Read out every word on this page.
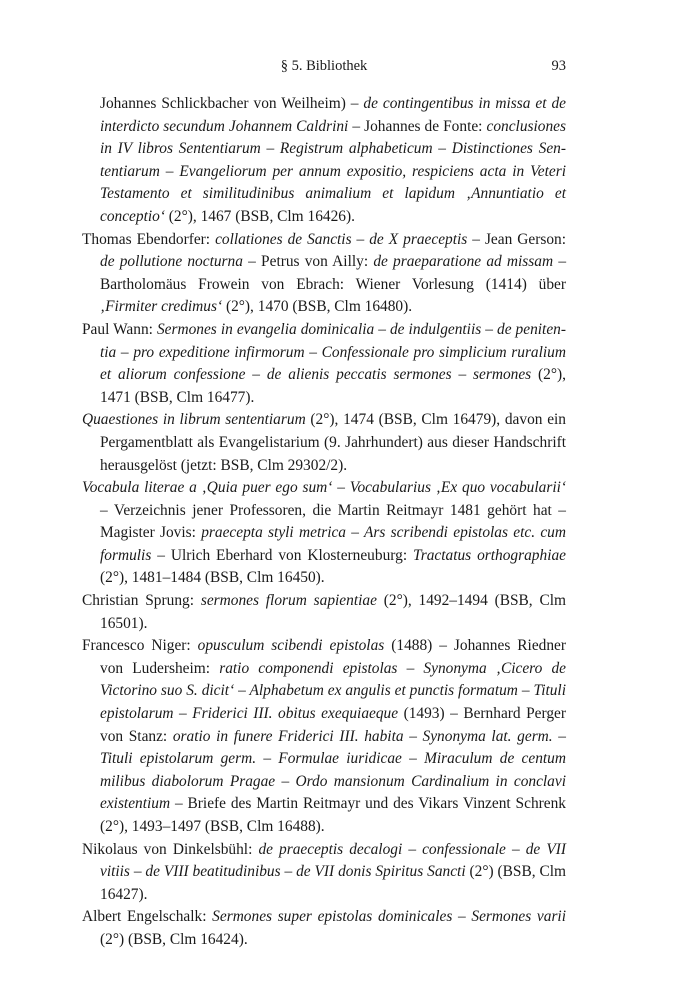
§ 5. Bibliothek	93

Johannes Schlickbacher von Weilheim) – de contingentibus in missa et de interdicto secundum Johannem Caldrini – Johannes de Fonte: conclusiones in IV libros Sententiarum – Registrum alphabeticum – Distinctiones Sententiarum – Evangeliorum per annum expositio, respiciens acta in Veteri Testamento et similitudinibus animalium et lapidum ‚Annuntiatio et conceptio‘ (2°), 1467 (BSB, Clm 16426).

Thomas Ebendorfer: collationes de Sanctis – de X praeceptis – Jean Gerson: de pollutione nocturna – Petrus von Ailly: de praeparatione ad missam – Bartholomäus Frowein von Ebrach: Wiener Vorlesung (1414) über ‚Firmiter credimus‘ (2°), 1470 (BSB, Clm 16480).

Paul Wann: Sermones in evangelia dominicalia – de indulgentiis – de penitentia – pro expeditione infirmorum – Confessionale pro simplicium ruralium et aliorum confessione – de alienis peccatis sermones – sermones (2°), 1471 (BSB, Clm 16477).

Quaestiones in librum sententiarum (2°), 1474 (BSB, Clm 16479), davon ein Pergamentblatt als Evangelistarium (9. Jahrhundert) aus dieser Handschrift herausgelöst (jetzt: BSB, Clm 29302/2).

Vocabula literae a ‚Quia puer ego sum‘ – Vocabularius ‚Ex quo vocabularii‘ – Verzeichnis jener Professoren, die Martin Reitmayr 1481 gehört hat – Magister Jovis: praecepta styli metrica – Ars scribendi epistolas etc. cum formulis – Ulrich Eberhard von Klosterneuburg: Tractatus orthographiae (2°), 1481–1484 (BSB, Clm 16450).

Christian Sprung: sermones florum sapientiae (2°), 1492–1494 (BSB, Clm 16501).

Francesco Niger: opusculum scibendi epistolas (1488) – Johannes Riedner von Ludersheim: ratio componendi epistolas – Synonyma ‚Cicero de Victorino suo S. dicit‘ – Alphabetum ex angulis et punctis formatum – Tituli epistolarum – Friderici III. obitus exequiaeque (1493) – Bernhard Perger von Stanz: oratio in funere Friderici III. habita – Synonyma lat. germ. – Tituli epistolarum germ. – Formulae iuridicae – Miraculum de centum milibus diabolorum Pragae – Ordo mansionum Cardinalium in conclavi existentium – Briefe des Martin Reitmayr und des Vikars Vinzent Schrenk (2°), 1493–1497 (BSB, Clm 16488).

Nikolaus von Dinkelsbühl: de praeceptis decalogi – confessionale – de VII vitiis – de VIII beatitudinibus – de VII donis Spiritus Sancti (2°) (BSB, Clm 16427).

Albert Engelschalk: Sermones super epistolas dominicales – Sermones varii (2°) (BSB, Clm 16424).
